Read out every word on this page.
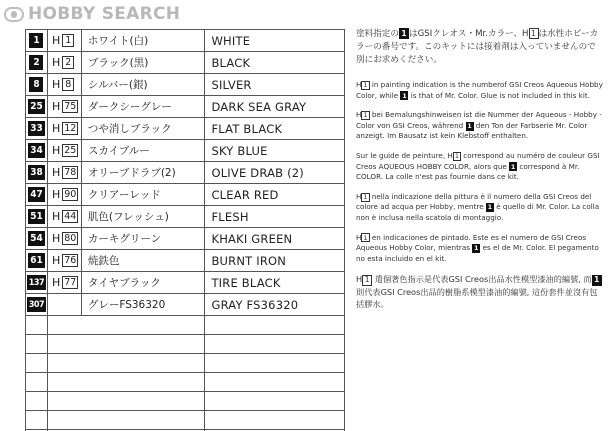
HOBBY SEARCH
1	H 1	ホワイト(白)	WHITE
2	H 2	ブラック(黒)	BLACK
8	H 8	シルバー(銀)	SILVER
25 H 75	ダークシーグレー	DARK SEA GRAY
33 H 12	つや消しブラック	FLAT BLACK
34 H 25	スカイブルー	SKY BLUE
38 H 78	オリーブドラブ(2)	OLIVE DRAB (2)
47 H 90	クリアーレッド	CLEAR RED
51 H 44	肌色(フレッシュ)	FLESH
54 H 80	カーキグリーン	KHAKI GREEN
61 H 76	焼鉄色	BURNT IRON
137 H 77	タイヤブラック	TIRE BLACK
307	グレーFS36320	GRAY FS36320

塗料指定の 1 はGSIクレオス・Mr.カラー、H 1 は水性ホビーカラーの番号です。このキットには接着剤は入っていませんので別にお求めください。

H 1 in painting indication is the numberof GSI Creos Aqueous Hobby Color, while 1 is that of Mr. Color. Glue is not included in this kit.

H 1 bei Bemalungshinweisen ist die Nummer der Aqueous - Hobby - Color von GSI Creos, während 1 den Ton der Farbserie Mr. Color anzeigt. Im Bausatz ist kein Klebstoff enthalten.

Sur le guide de peinture, H 1 correspond au numéro de couleur GSI Creos AQUEOUS HOBBY COLOR, alors que 1 correspond à Mr. COLOR. La colle n'est pas fournie dans ce kit.

H 1 nella indicazione della pittura è il numero della GSI Creos del colore ad acqua per Hobby, mentre 1 è quello di Mr. Color. La colla non è inclusa nella scatola di montaggio.

H 1 en indicaciones de pintado. Este es el numero de GSI Creos Aqueous Hobby Color, mientras 1 es el de Mr. Color. El pegamento no esta incluido en el kit.

H 1 遣個著色指示是代表GSI Creos出品水性模型漆油的編號, 而 1則代表GSI Creos出品的樹脂系模型漆油的編號, 這份套件並沒有包括膠水。
